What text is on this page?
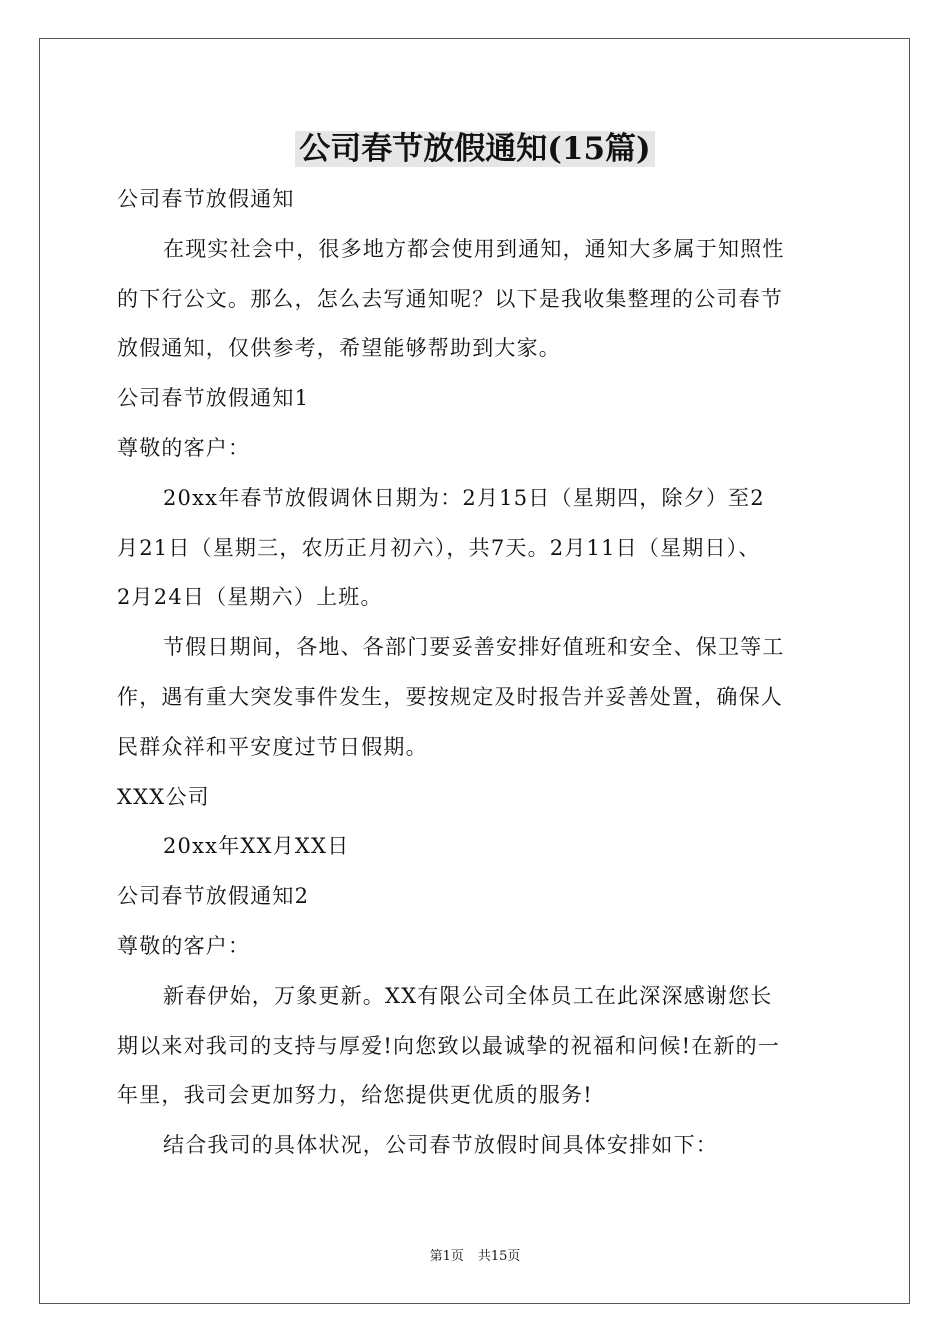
公司春节放假通知(15篇)

公司春节放假通知

在现实社会中，很多地方都会使用到通知，通知大多属于知照性

的下行公文。那么，怎么去写通知呢？以下是我收集整理的公司春节

放假通知，仅供参考，希望能够帮助到大家。

公司春节放假通知1

尊敬的客户：

20xx年春节放假调休日期为：2月15日（星期四，除夕）至2

月21日（星期三，农历正月初六），共7天。2月11日（星期日）、

2月24日（星期六）上班。

节假日期间，各地、各部门要妥善安排好值班和安全、保卫等工

作，遇有重大突发事件发生，要按规定及时报告并妥善处置，确保人

民群众祥和平安度过节日假期。

XXX公司

20xx年XX月XX日

公司春节放假通知2

尊敬的客户：

新春伊始，万象更新。XX有限公司全体员工在此深深感谢您长

期以来对我司的支持与厚爱!向您致以最诚挚的祝福和问候!在新的一

年里，我司会更加努力，给您提供更优质的服务!

结合我司的具体状况，公司春节放假时间具体安排如下：

第1页 共15页
